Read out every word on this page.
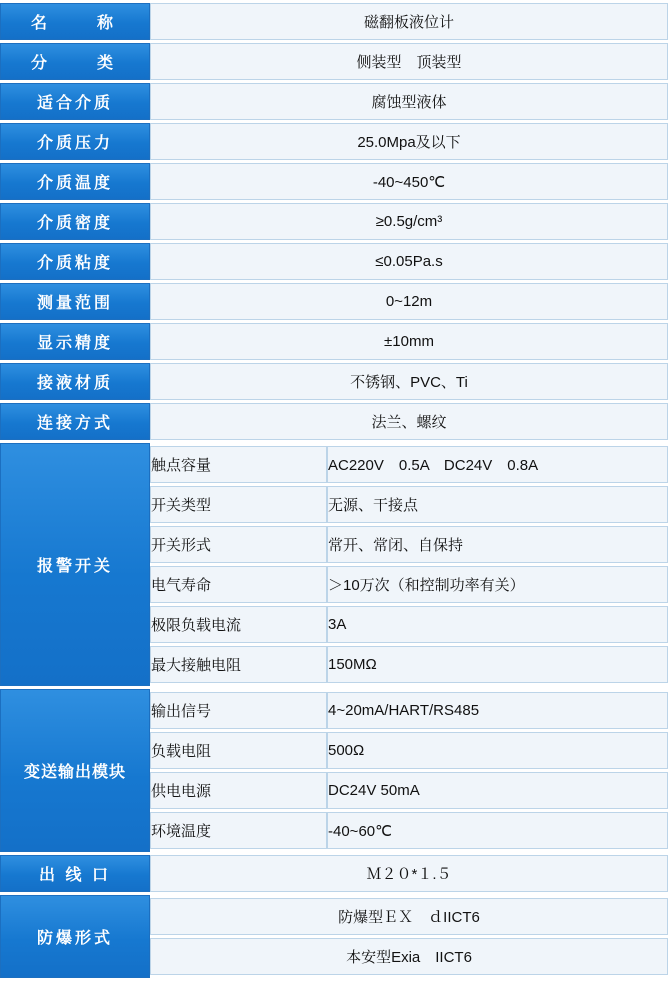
名　　称	磁翻板液位计
分　　类	侧装型　顶装型
适合介质	腐蚀型液体
介质压力	25.0Mpa及以下
介质温度	-40~450℃
介质密度	≥0.5g/cm³
介质粘度	≤0.05Pa.s
测量范围	0~12m
显示精度	±10mm
接液材质	不锈钢、PVC、Ti
连接方式	法兰、螺纹
报警开关	
触点容量	AC220V　0.5A　DC24V　0.8A
开关类型	无源、干接点
开关形式	常开、常闭、自保持
电气寿命	＞10万次（和控制功率有关）
极限负载电流	3A
最大接触电阻	150MΩ

变送输出模块	
输出信号	4~20mA/HART/RS485
负载电阻	500Ω
供电电源	DC24V 50mA
环境温度	-40~60℃

出 线 口	Ｍ２０*１.５
防爆形式	
防爆型ＥＸ　ｄIICT6
本安型Exia　IICT6
